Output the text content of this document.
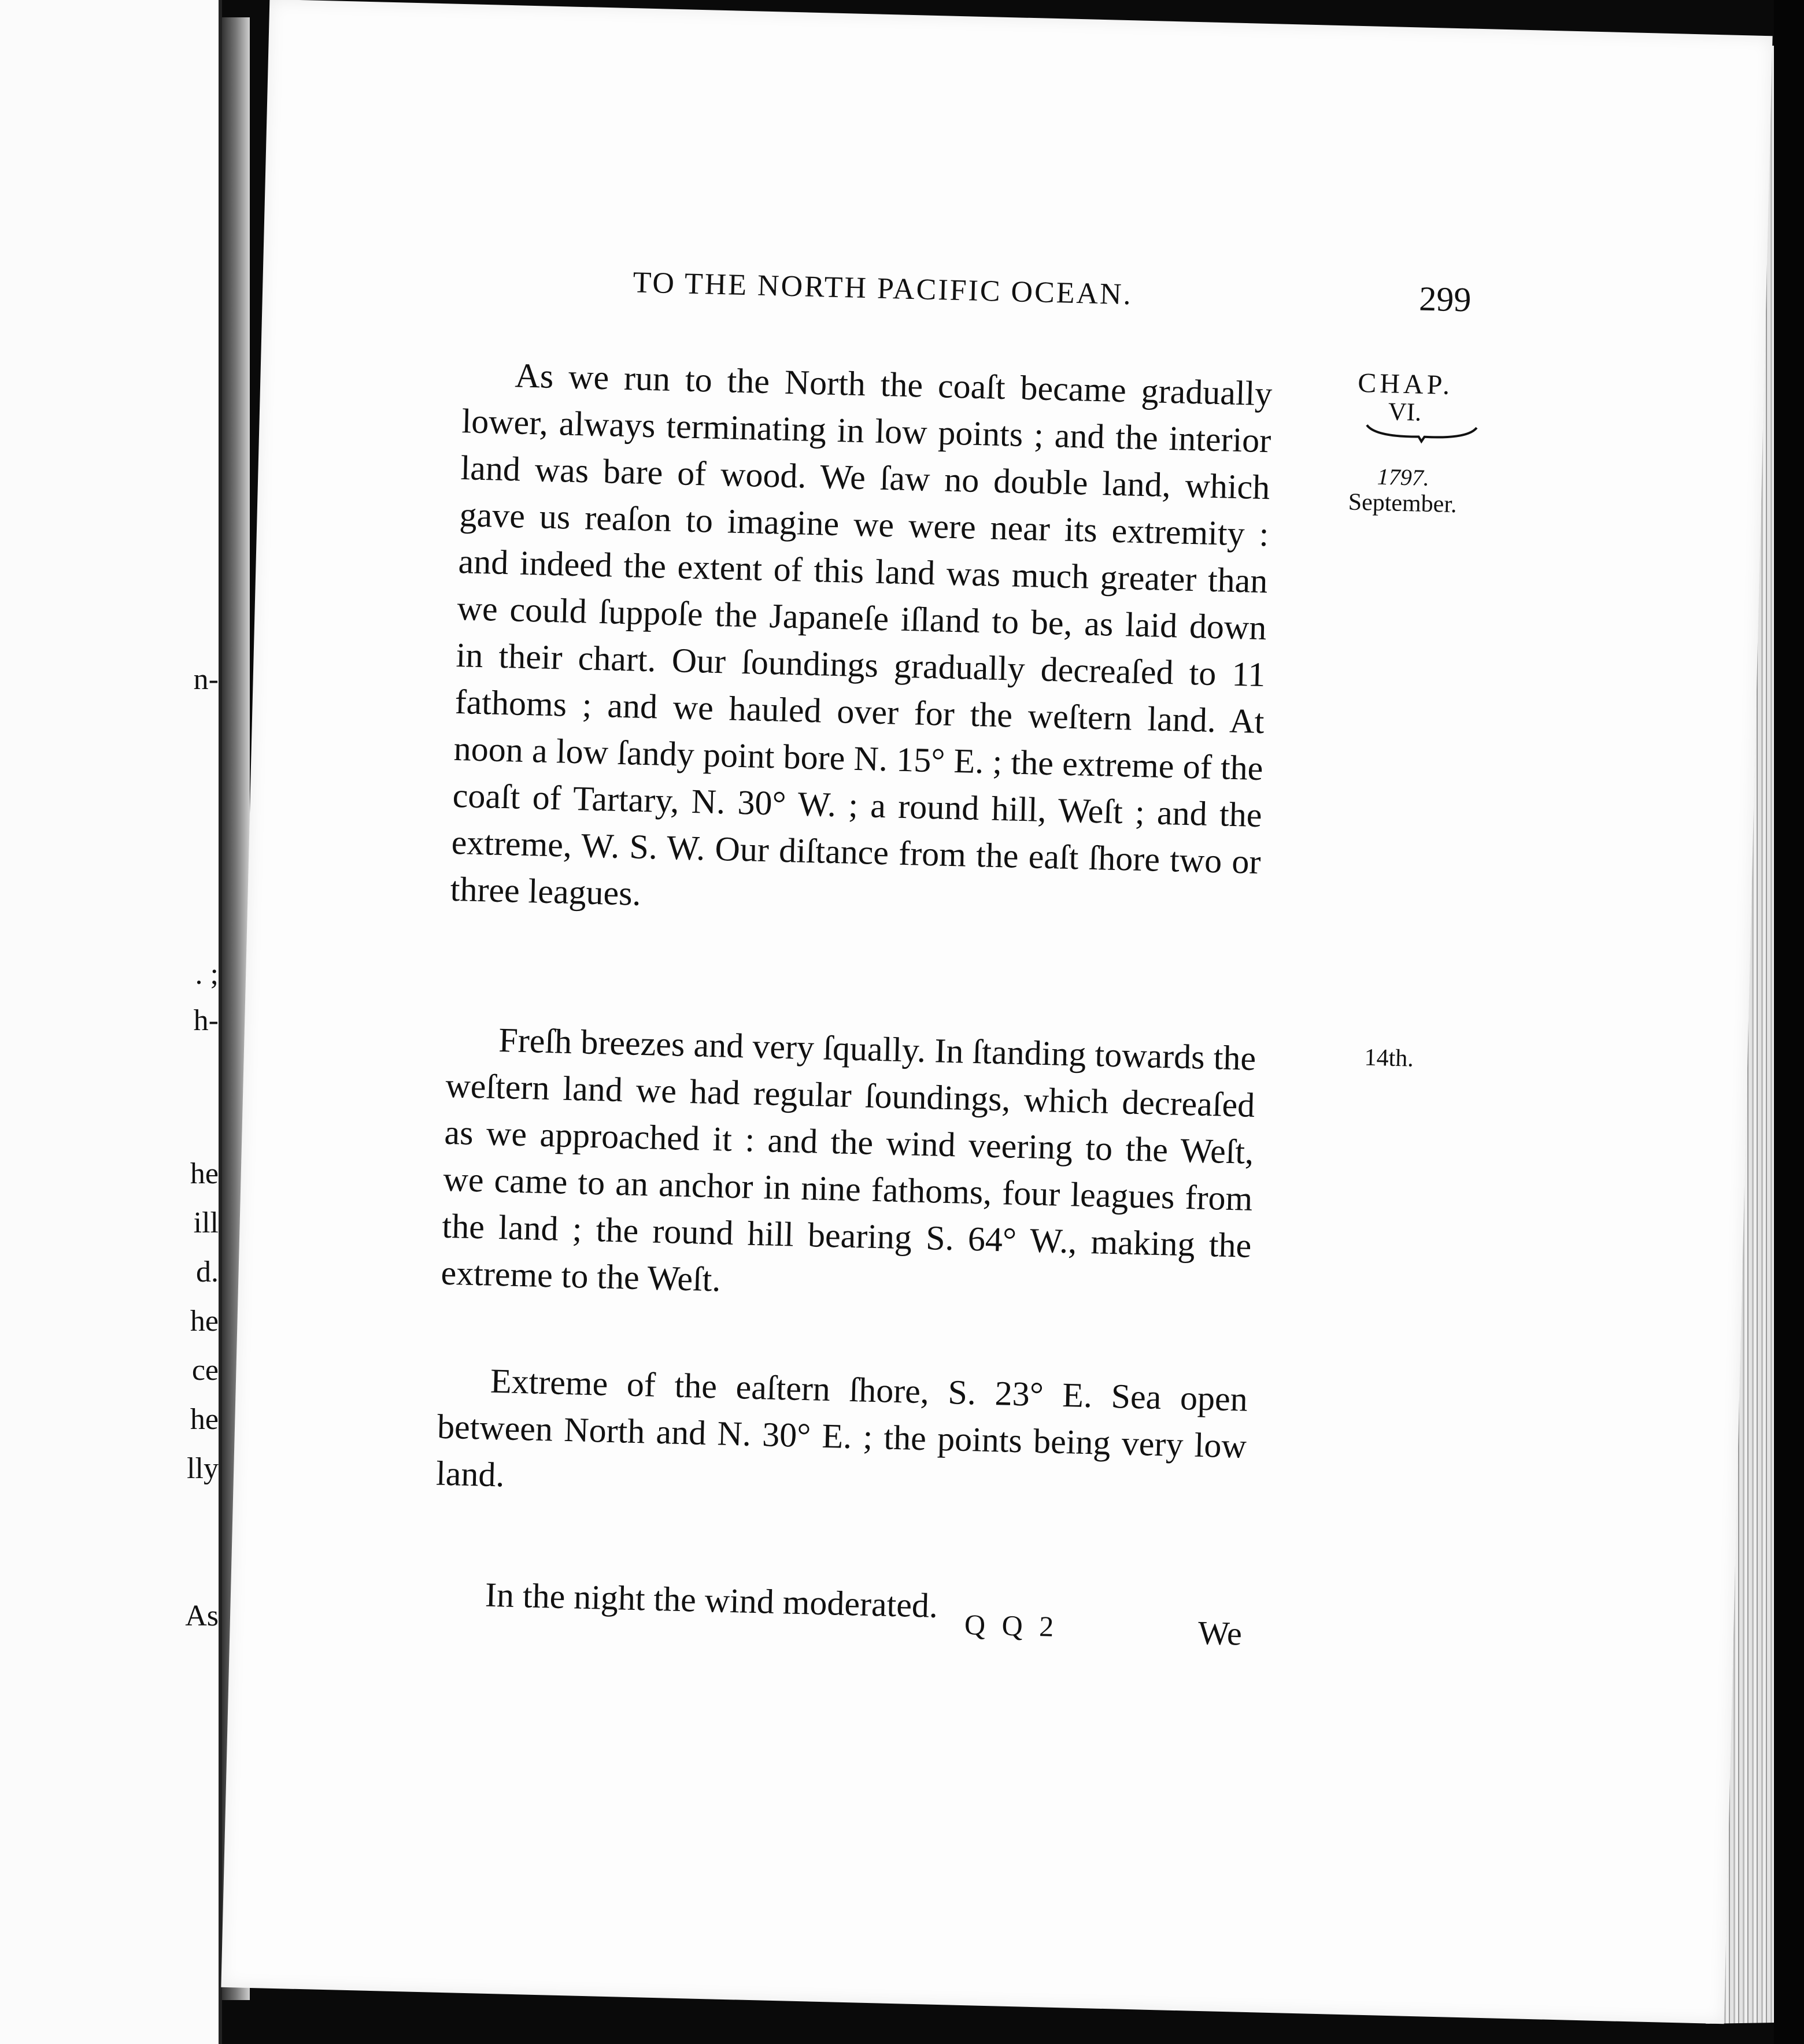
n-
. ;
h-
he
ill
d.
he
ce
he
lly
As
TO THE NORTH PACIFIC OCEAN.	299
CHAP.
VI.
1797.
September.
14th.

As we run to the North the coaſt became gradually lower, always terminating in low points ; and the interior land was bare of wood. We ſaw no double land, which gave us reaſon to imagine we were near its extremity : and indeed the extent of this land was much greater than we could ſuppoſe the Japaneſe iſland to be, as laid down in their chart. Our ſoundings gradually decreaſed to 11 fathoms ; and we hauled over for the weſtern land. At noon a low ſandy point bore N. 15° E. ; the extreme of the coaſt of Tartary, N. 30° W. ; a round hill, Weſt ; and the extreme, W. S. W. Our diſtance from the eaſt ſhore two or three leagues.

Freſh breezes and very ſqually. In ſtanding towards the weſtern land we had regular ſoundings, which decreaſed as we approached it : and the wind veering to the Weſt, we came to an anchor in nine fathoms, four leagues from the land ; the round hill bearing S. 64° W., making the extreme to the Weſt.

Extreme of the eaſtern ſhore, S. 23° E. Sea open between North and N. 30° E. ; the points being very low land.

In the night the wind moderated.

Q Q 2	We
